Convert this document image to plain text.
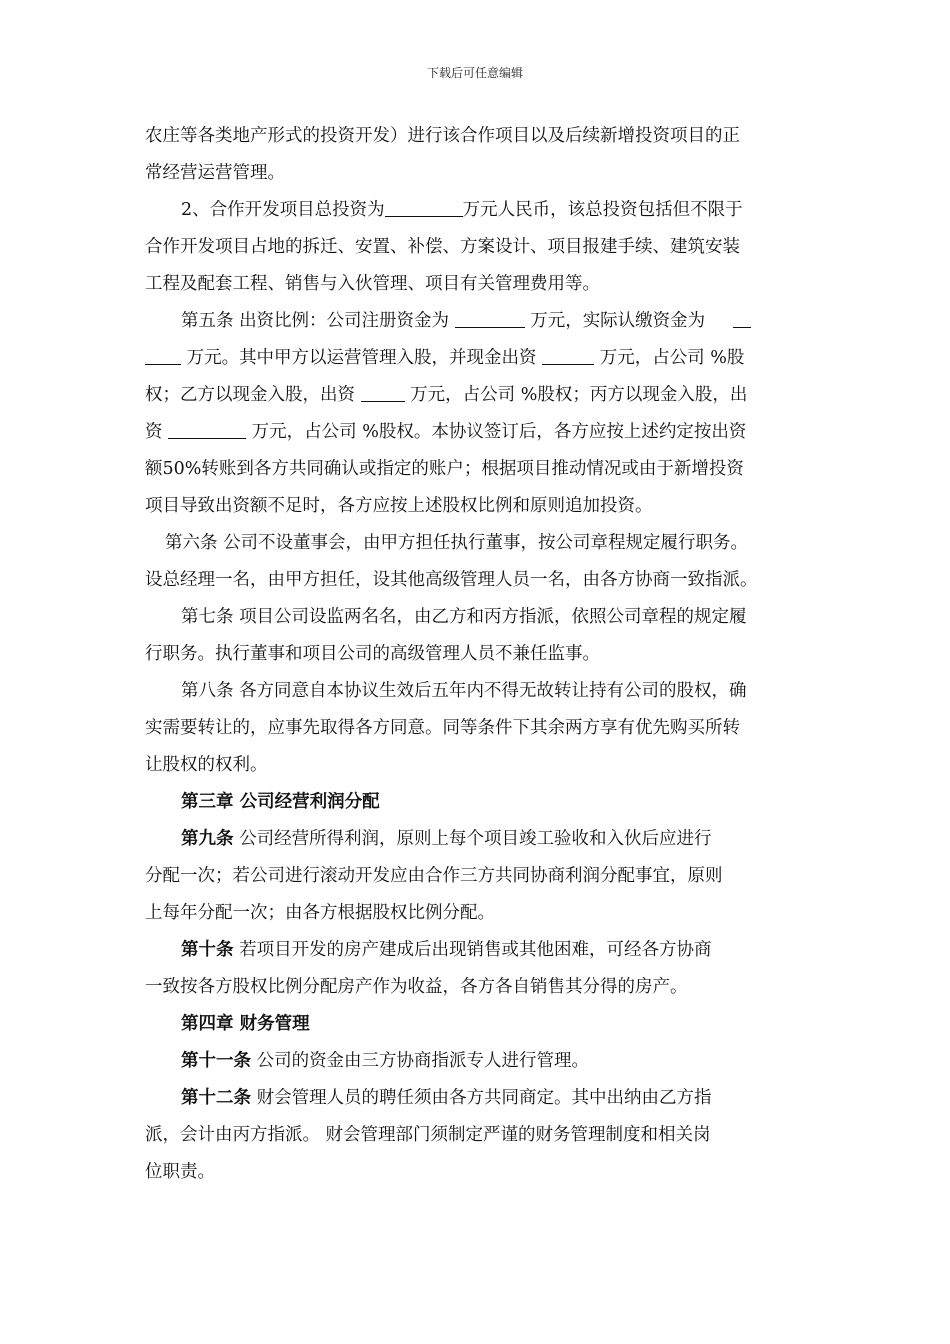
下载后可任意编辑
农庄等各类地产形式的投资开发）进行该合作项目以及后续新增投资项目的正
常经营运营管理。
2、合作开发项目总投资为	万元人民币，该总投资包括但不限于
合作开发项目占地的拆迁、安置、补偿、方案设计、项目报建手续、建筑安装
工程及配套工程、销售与入伙管理、项目有关管理费用等。
第五条 出资比例：公司注册资金为	万元，实际认缴资金为
万元。其中甲方以运营管理入股，并现金出资	万元，占公司 %股
权；乙方以现金入股，出资	万元，占公司 %股权；丙方以现金入股，出
资	万元，占公司 %股权。本协议签订后，各方应按上述约定按出资
额50%转账到各方共同确认或指定的账户；根据项目推动情况或由于新增投资
项目导致出资额不足时，各方应按上述股权比例和原则追加投资。
第六条 公司不设董事会，由甲方担任执行董事，按公司章程规定履行职务。
设总经理一名，由甲方担任，设其他高级管理人员一名，由各方协商一致指派。
第七条 项目公司设监两名名，由乙方和丙方指派，依照公司章程的规定履
行职务。执行董事和项目公司的高级管理人员不兼任监事。
第八条 各方同意自本协议生效后五年内不得无故转让持有公司的股权，确
实需要转让的，应事先取得各方同意。同等条件下其余两方享有优先购买所转
让股权的权利。
第三章 公司经营利润分配
第九条 公司经营所得利润，原则上每个项目竣工验收和入伙后应进行
分配一次；若公司进行滚动开发应由合作三方共同协商利润分配事宜，原则
上每年分配一次；由各方根据股权比例分配。
第十条 若项目开发的房产建成后出现销售或其他困难，可经各方协商
一致按各方股权比例分配房产作为收益，各方各自销售其分得的房产。
第四章 财务管理
第十一条 公司的资金由三方协商指派专人进行管理。
第十二条 财会管理人员的聘任须由各方共同商定。其中出纳由乙方指
派，会计由丙方指派。 财会管理部门须制定严谨的财务管理制度和相关岗
位职责。
